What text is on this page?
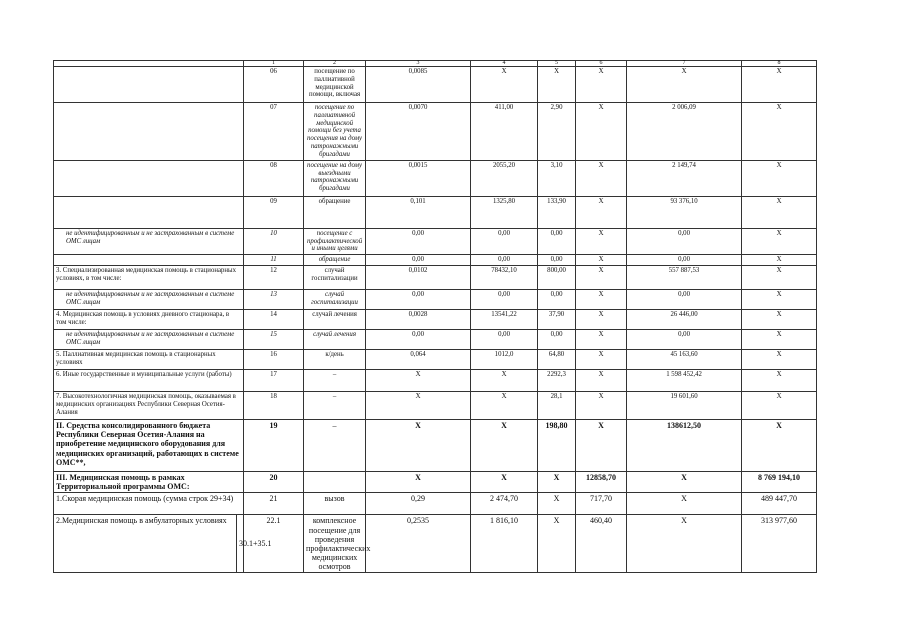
		1	2	3	4	5	6	7	8	
		06	посещение по паллиативной медицинской помощи, включая	0,0085	Х	Х	Х	Х	Х	
		07	посещение по паллиативной медицинской помощи без учета посещения на дому патронажными бригадами	0,0070	411,00	2,90	Х	2 006,09	Х	
		08	посещение на дому выездными патронажными бригадами	0,0015	2055,20	3,10	Х	2 149,74	Х	
		09	обращение	0,101	1325,80	133,90	Х	93 376,10	Х	
не идентифицированным и не застрахованным в системе ОМС лицам		10	посещение с профилактической и иными целями	0,00	0,00	0,00	Х	0,00	Х	
		11	обращение	0,00	0,00	0,00	Х	0,00	Х	
3. Специализированная медицинская помощь в стационарных условиях, в том числе:		12	случай госпитализации	0,0102	78432,10	800,00	Х	557 887,53	Х	
не идентифицированным и не застрахованным в системе ОМС лицам		13	случай госпитализации	0,00	0,00	0,00	Х	0,00	Х	
4. Медицинская помощь в условиях дневного стационара, в том числе:		14	случай лечения	0,0028	13541,22	37,90	Х	26 446,00	Х	
не идентифицированным и не застрахованным в системе ОМС лицам		15	случай лечения	0,00	0,00	0,00	Х	0,00	Х	
5. Паллиативная медицинская помощь в стационарных условиях		16	к/день	0,064	1012,0	64,80	Х	45 163,60	Х	
6. Иные государственные и муниципальные услуги (работы)		17	–	Х	Х	2292,3	Х	1 598 452,42	Х	
7. Высокотехнологичная медицинская помощь, оказываемая в медицинских организациях Республики Северная Осетия-Алания		18	–	Х	Х	28,1	Х	19 601,60	Х	
II. Средства консолидированного бюджета Республики Северная Осетия-Алания на приобретение медицинского оборудования для медицинских организаций, работающих в системе ОМС**,		19	–	Х	Х	198,80	Х	138612,50	Х	
III. Медицинская помощь в рамках Территориальной программы ОМС:		20		Х	Х	Х	12858,70	Х	8 769 194,10	
1.Скорая медицинская помощь (сумма строк 29+34)		21	вызов	0,29	2 474,70	Х	717,70	Х	489 447,70	
2.Медицинская помощь в амбулаторных условиях	30.1+35.1	22.1	комплексное посещение для проведения профилактических медицинских осмотров	0,2535	1 816,10	Х	460,40	Х	313 977,60	
